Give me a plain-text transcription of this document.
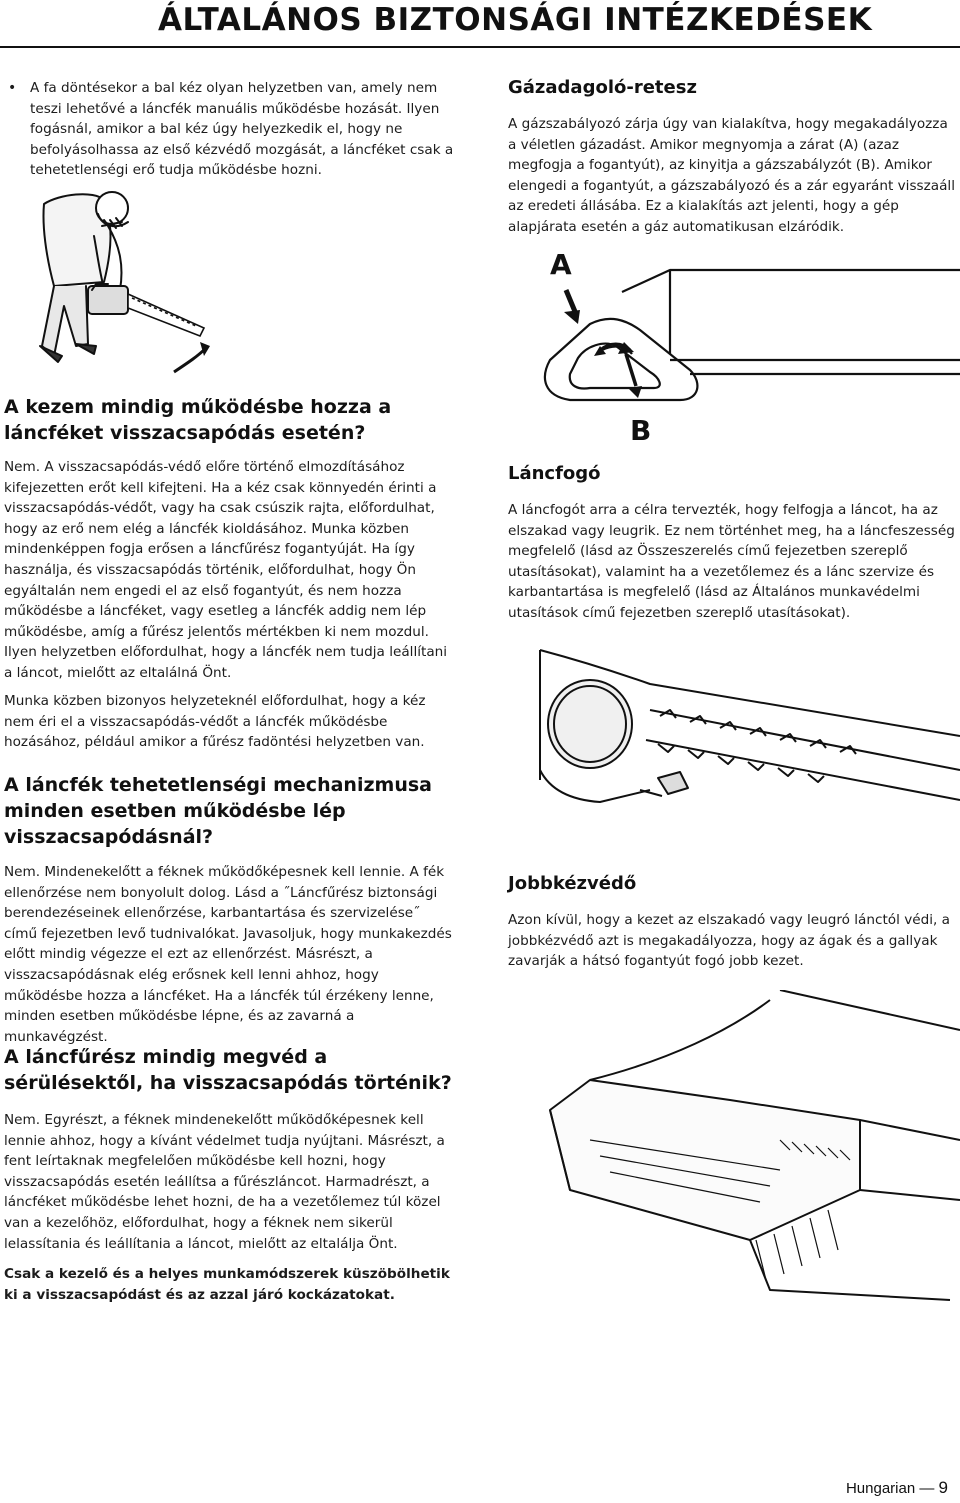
ÁLTALÁNOS BIZTONSÁGI INTÉZKEDÉSEK
• A fa döntésekor a bal kéz olyan helyzetben van, amely nem teszi lehetővé a láncfék manuális működésbe hozását. Ilyen fogásnál, amikor a bal kéz úgy helyezkedik el, hogy ne befolyásolhassa az első kézvédő mozgását, a láncféket csak a tehetetlenségi erő tudja működésbe hozni.

A kezem mindig működésbe hozza a láncféket visszacsapódás esetén?

Nem. A visszacsapódás-védő előre történő elmozdításához kifejezetten erőt kell kifejteni. Ha a kéz csak könnyedén érinti a visszacsapódás-védőt, vagy ha csak csúszik rajta, előfordulhat, hogy az erő nem elég a láncfék kioldásához. Munka közben mindenképpen fogja erősen a láncfűrész fogantyúját. Ha így használja, és visszacsapódás történik, előfordulhat, hogy Ön egyáltalán nem engedi el az első fogantyút, és nem hozza működésbe a láncféket, vagy esetleg a láncfék addig nem lép működésbe, amíg a fűrész jelentős mértékben ki nem mozdul. Ilyen helyzetben előfordulhat, hogy a láncfék nem tudja leállítani a láncot, mielőtt az eltalálná Önt.

Munka közben bizonyos helyzeteknél előfordulhat, hogy a kéz nem éri el a visszacsapódás-védőt a láncfék működésbe hozásához, például amikor a fűrész fadöntési helyzetben van.

A láncfék tehetetlenségi mechanizmusa minden esetben működésbe lép visszacsapódásnál?

Nem. Mindenekelőtt a féknek működőképesnek kell lennie. A fék ellenőrzése nem bonyolult dolog. Lásd a ˝Láncfűrész biztonsági berendezéseinek ellenőrzése, karbantartása és szervizelése˝ című fejezetben levő tudnivalókat. Javasoljuk, hogy munkakezdés előtt mindig végezze el ezt az ellenőrzést. Másrészt, a visszacsapódásnak elég erősnek kell lenni ahhoz, hogy működésbe hozza a láncféket. Ha a láncfék túl érzékeny lenne, minden esetben működésbe lépne, és az zavarná a munkavégzést.

A láncfűrész mindig megvéd a sérülésektől, ha visszacsapódás történik?

Nem. Egyrészt, a féknek mindenekelőtt működőképesnek kell lennie ahhoz, hogy a kívánt védelmet tudja nyújtani. Másrészt, a fent leírtaknak megfelelően működésbe kell hozni, hogy visszacsapódás esetén leállítsa a fűrészláncot. Harmadrészt, a láncféket működésbe lehet hozni, de ha a vezetőlemez túl közel van a kezelőhöz, előfordulhat, hogy a féknek nem sikerül lelassítania és leállítania a láncot, mielőtt az eltalálja Önt.

Csak a kezelő és a helyes munkamódszerek küszöbölhetik ki a visszacsapódást és az azzal járó kockázatokat.

Gázadagoló-retesz

A gázszabályozó zárja úgy van kialakítva, hogy megakadályozza a véletlen gázadást. Amikor megnyomja a zárat (A) (azaz megfogja a fogantyút), az kinyitja a gázszabályzót (B). Amikor elengedi a fogantyút, a gázszabályozó és a zár egyaránt visszaáll az eredeti állásába. Ez a kialakítás azt jelenti, hogy a gép alapjárata esetén a gáz automatikusan elzáródik.

A
B
Láncfogó

A láncfogót arra a célra tervezték, hogy felfogja a láncot, ha az elszakad vagy leugrik. Ez nem történhet meg, ha a láncfeszesség megfelelő (lásd az Összeszerelés című fejezetben szereplő utasításokat), valamint ha a vezetőlemez és a lánc szervize és karbantartása is megfelelő (lásd az Általános munkavédelmi utasítások című fejezetben szereplő utasításokat).

Jobbkézvédő

Azon kívül, hogy a kezet az elszakadó vagy leugró lánctól védi, a jobbkézvédő azt is megakadályozza, hogy az ágak és a gallyak zavarják a hátsó fogantyút fogó jobb kezet.

Hungarian — 9
